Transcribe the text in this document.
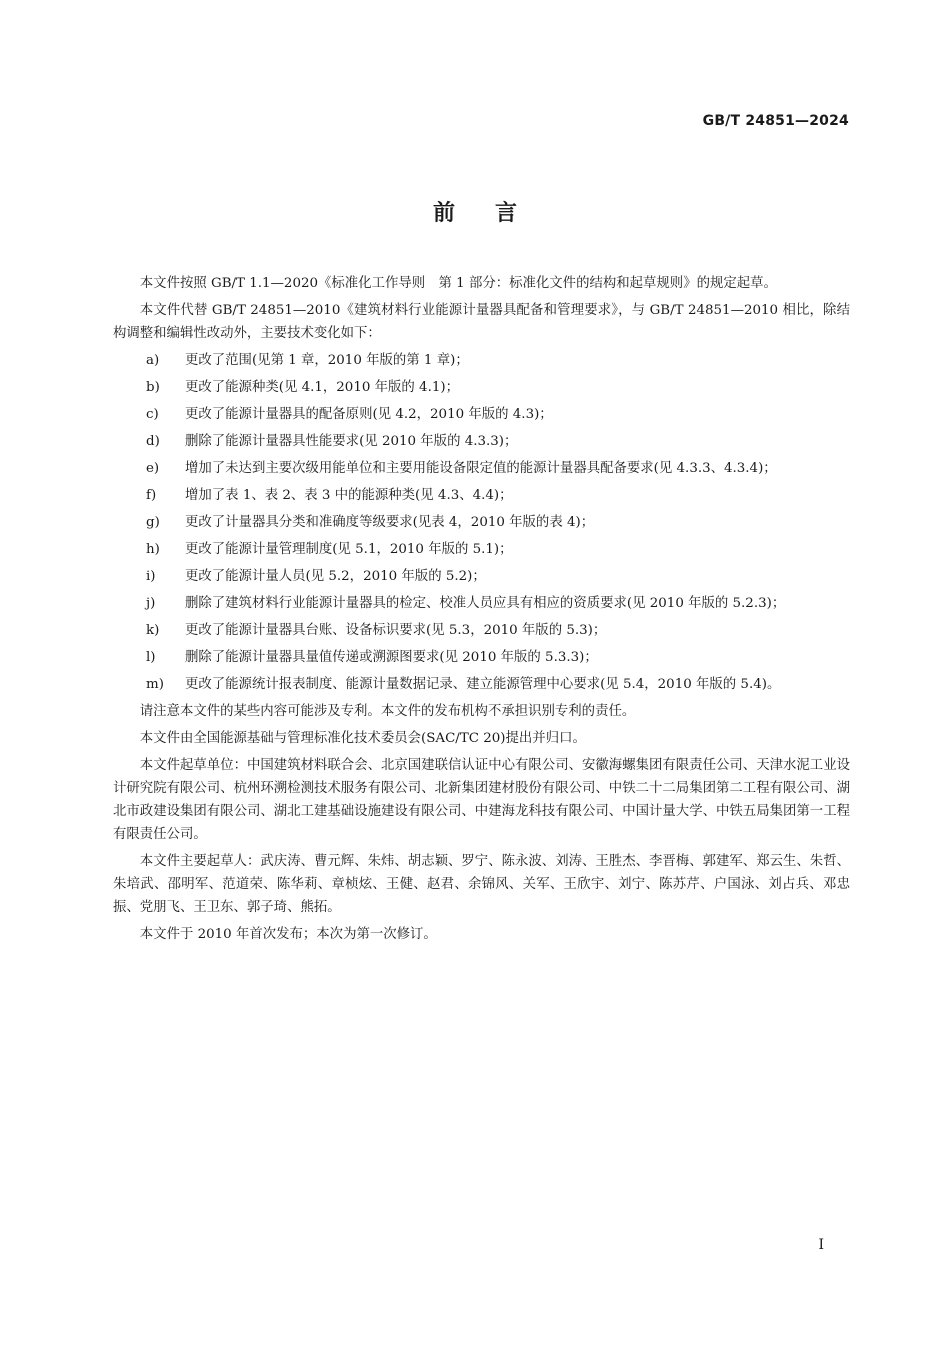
GB/T 24851—2024
前言

本文件按照 GB/T 1.1—2020《标准化工作导则　第 1 部分：标准化文件的结构和起草规则》的规定起草。

本文件代替 GB/T 24851—2010《建筑材料行业能源计量器具配备和管理要求》，与 GB/T 24851—2010 相比，除结构调整和编辑性改动外，主要技术变化如下：

a)	更改了范围(见第 1 章，2010 年版的第 1 章)；
b)	更改了能源种类(见 4.1，2010 年版的 4.1)；
c)	更改了能源计量器具的配备原则(见 4.2，2010 年版的 4.3)；
d)	删除了能源计量器具性能要求(见 2010 年版的 4.3.3)；
e)	增加了未达到主要次级用能单位和主要用能设备限定值的能源计量器具配备要求(见 4.3.3、4.3.4)；
f)	增加了表 1、表 2、表 3 中的能源种类(见 4.3、4.4)；
g)	更改了计量器具分类和准确度等级要求(见表 4，2010 年版的表 4)；
h)	更改了能源计量管理制度(见 5.1，2010 年版的 5.1)；
i)	更改了能源计量人员(见 5.2，2010 年版的 5.2)；
j)	删除了建筑材料行业能源计量器具的检定、校准人员应具有相应的资质要求(见 2010 年版的 5.2.3)；
k)	更改了能源计量器具台账、设备标识要求(见 5.3，2010 年版的 5.3)；
l)	删除了能源计量器具量值传递或溯源图要求(见 2010 年版的 5.3.3)；
m)	更改了能源统计报表制度、能源计量数据记录、建立能源管理中心要求(见 5.4，2010 年版的 5.4)。

请注意本文件的某些内容可能涉及专利。本文件的发布机构不承担识别专利的责任。

本文件由全国能源基础与管理标准化技术委员会(SAC/TC 20)提出并归口。

本文件起草单位：中国建筑材料联合会、北京国建联信认证中心有限公司、安徽海螺集团有限责任公司、天津水泥工业设计研究院有限公司、杭州环溯检测技术服务有限公司、北新集团建材股份有限公司、中铁二十二局集团第二工程有限公司、湖北市政建设集团有限公司、湖北工建基础设施建设有限公司、中建海龙科技有限公司、中国计量大学、中铁五局集团第一工程有限责任公司。

本文件主要起草人：武庆涛、曹元辉、朱炜、胡志颖、罗宁、陈永波、刘涛、王胜杰、李晋梅、郭建军、郑云生、朱哲、朱培武、邵明军、范道荣、陈华莉、章桢炫、王健、赵君、余锦风、关军、王欣宇、刘宁、陈苏芹、户国泳、刘占兵、邓忠振、党朋飞、王卫东、郭子琦、熊拓。

本文件于 2010 年首次发布；本次为第一次修订。

I
